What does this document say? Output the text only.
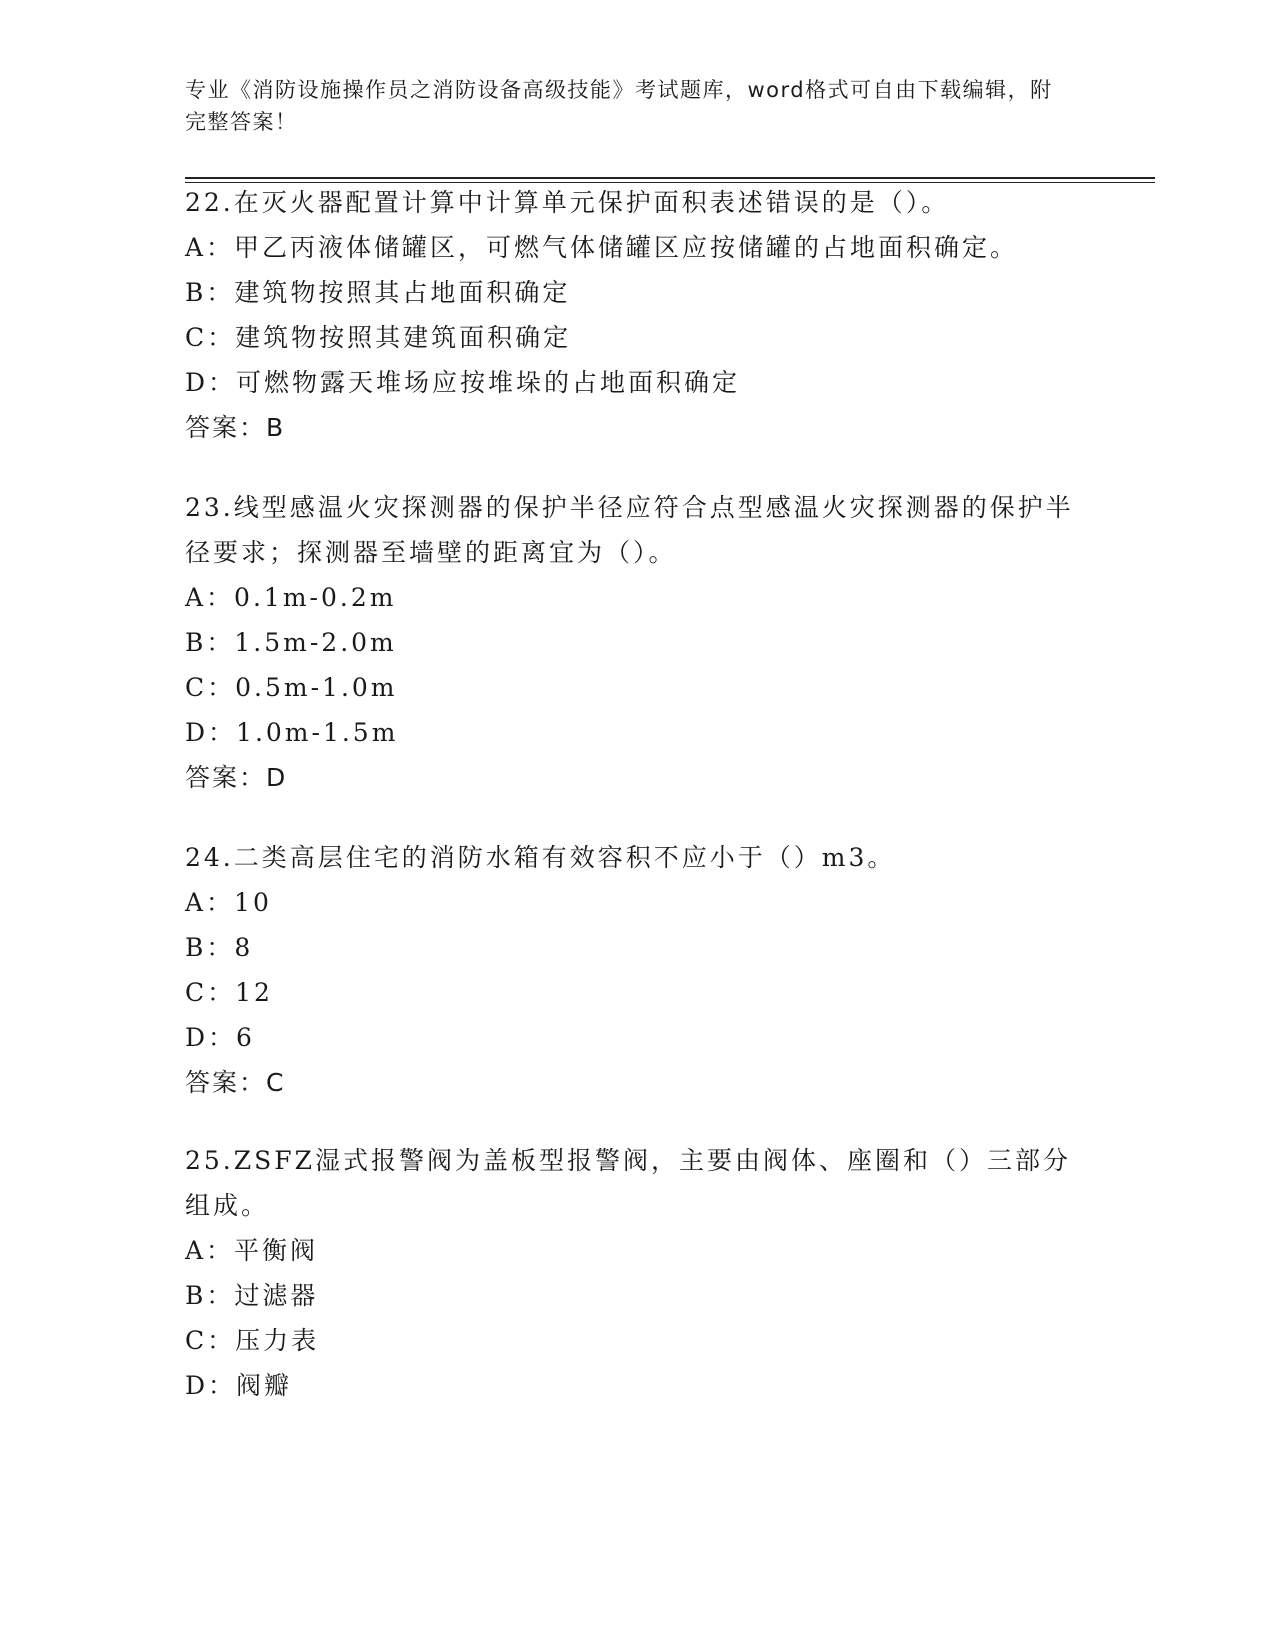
专业《消防设施操作员之消防设备高级技能》考试题库，word格式可自由下载编辑，附完整答案！

22.在灭火器配置计算中计算单元保护面积表述错误的是（）。

A：甲乙丙液体储罐区，可燃气体储罐区应按储罐的占地面积确定。

B：建筑物按照其占地面积确定

C：建筑物按照其建筑面积确定

D：可燃物露天堆场应按堆垛的占地面积确定

答案：B

23.线型感温火灾探测器的保护半径应符合点型感温火灾探测器的保护半径要求；探测器至墙壁的距离宜为（）。

A：0.1m-0.2m

B：1.5m-2.0m

C：0.5m-1.0m

D：1.0m-1.5m

答案：D

24.二类高层住宅的消防水箱有效容积不应小于（）m3。

A：10

B：8

C：12

D：6

答案：C

25.ZSFZ湿式报警阀为盖板型报警阀，主要由阀体、座圈和（）三部分组成。

A：平衡阀

B：过滤器

C：压力表

D：阀瓣
